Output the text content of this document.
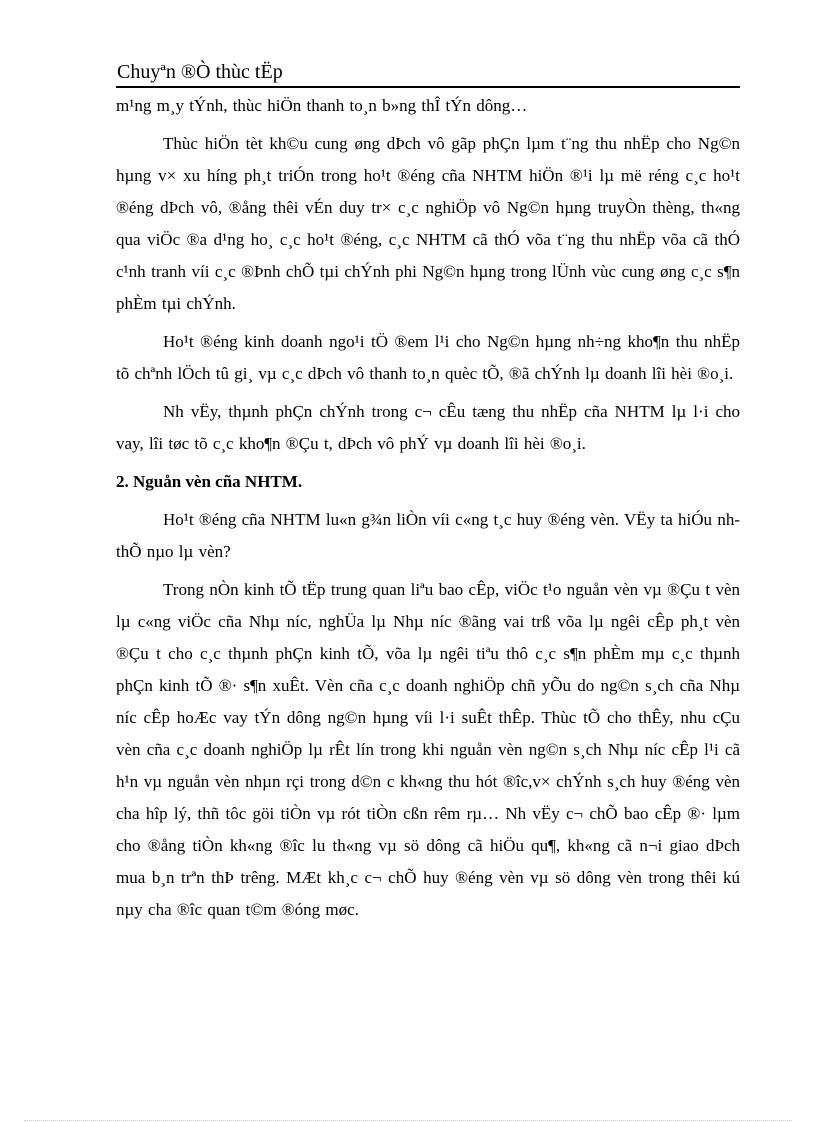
Chuyªn ®Ò thùc tËp

m¹ng m¸y tÝnh, thùc hiÖn thanh to¸n b»ng thÎ tÝn dông…

Thùc hiÖn tèt kh©u cung øng dÞch vô gãp phÇn lµm t¨ng thu nhËp cho Ng©n hµng v× xu híng ph¸t triÓn trong ho¹t ®éng cña NHTM hiÖn ®¹i lµ më réng c¸c ho¹t ®éng dÞch vô, ®ång thêi vÉn duy tr× c¸c nghiÖp vô Ng©n hµng truyÒn thèng, th«ng qua viÖc ®a d¹ng ho¸ c¸c ho¹t ®éng, c¸c NHTM cã thÓ võa t¨ng thu nhËp võa cã thÓ c¹nh tranh víi c¸c ®Þnh chÕ tµi chÝnh phi Ng©n hµng trong lÜnh vùc cung øng c¸c s¶n phÈm tµi chÝnh.

Ho¹t ®éng kinh doanh ngo¹i tÖ ®em l¹i cho Ng©n hµng nh÷ng kho¶n thu nhËp tõ chªnh lÖch tû gi¸ vµ c¸c dÞch vô thanh to¸n quèc tÕ, ®ã chÝnh lµ doanh lîi hèi ®o¸i.

Nh vËy, thµnh phÇn chÝnh trong c¬ cÊu tæng thu nhËp cña NHTM lµ l·i cho vay, lîi tøc tõ c¸c kho¶n ®Çu t, dÞch vô phÝ vµ doanh lîi hèi ®o¸i.

2. Nguån vèn cña NHTM.

Ho¹t ®éng cña NHTM lu«n g¾n liÒn víi c«ng t¸c huy ®éng vèn. VËy ta hiÓu nh thÕ nµo lµ vèn?

Trong nÒn kinh tÕ tËp trung quan liªu bao cÊp, viÖc t¹o nguån vèn vµ ®Çu t vèn lµ c«ng viÖc cña Nhµ níc, nghÜa lµ Nhµ níc ®ãng vai trß võa lµ ngêi cÊp ph¸t vèn ®Çu t cho c¸c thµnh phÇn kinh tÕ, võa lµ ngêi tiªu thô c¸c s¶n phÈm mµ c¸c thµnh phÇn kinh tÕ ®· s¶n xuÊt. Vèn cña c¸c doanh nghiÖp chñ yÕu do ng©n s¸ch cña Nhµ níc cÊp hoÆc vay tÝn dông ng©n hµng víi l·i suÊt thÊp. Thùc tÕ cho thÊy, nhu cÇu vèn cña c¸c doanh nghiÖp lµ rÊt lín trong khi nguån vèn ng©n s¸ch Nhµ níc cÊp l¹i cã h¹n vµ nguån vèn nhµn rçi trong d©n c kh«ng thu hót ®îc,v× chÝnh s¸ch huy ®éng vèn cha hîp lý, thñ tôc göi tiÒn vµ rót tiÒn cßn rêm rµ… Nh vËy c¬ chÕ bao cÊp ®· lµm cho ®ång tiÒn kh«ng ®îc lu th«ng vµ sö dông cã hiÖu qu¶, kh«ng cã n¬i giao dÞch mua b¸n trªn thÞ trêng. MÆt kh¸c c¬ chÕ huy ®éng vèn vµ sö dông vèn trong thêi kú nµy cha ®îc quan t©m ®óng møc.
